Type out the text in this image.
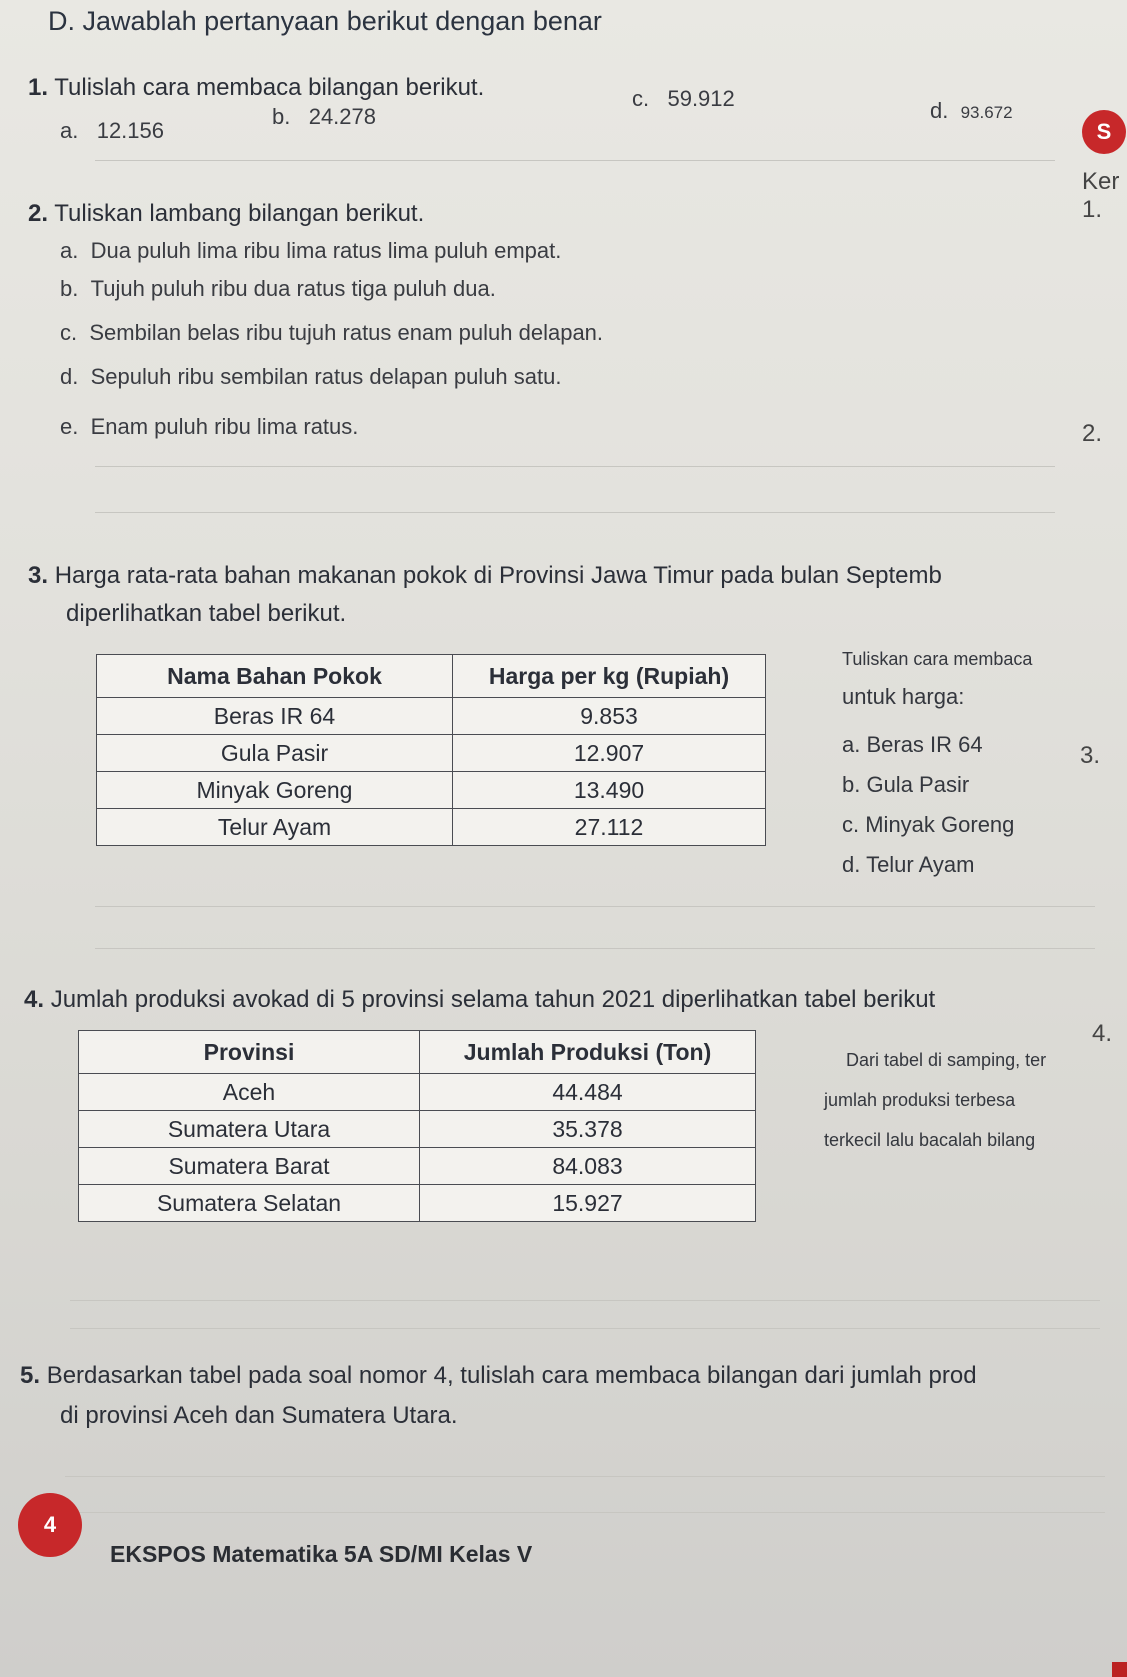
D. Jawablah pertanyaan berikut dengan benar
1. Tulislah cara membaca bilangan berikut.
a. 12.156
b. 24.278
c. 59.912	d. 93.672
S
Ker
2. Tuliskan lambang bilangan berikut.	1.
a. Dua puluh lima ribu lima ratus lima puluh empat.
b. Tujuh puluh ribu dua ratus tiga puluh dua.
c. Sembilan belas ribu tujuh ratus enam puluh delapan.
d. Sepuluh ribu sembilan ratus delapan puluh satu.
e. Enam puluh ribu lima ratus.	2.
3. Harga rata-rata bahan makanan pokok di Provinsi Jawa Timur pada bulan Septemb
diperlihatkan tabel berikut.
Nama Bahan Pokok	Harga per kg (Rupiah)
Beras IR 64	9.853
Gula Pasir	12.907
Minyak Goreng	13.490
Telur Ayam	27.112
Tuliskan cara membaca
untuk harga:
a. Beras IR 64
b. Gula Pasir
c. Minyak Goreng
d. Telur Ayam
3.
4. Jumlah produksi avokad di 5 provinsi selama tahun 2021 diperlihatkan tabel berikut
4.
Provinsi	Jumlah Produksi (Ton)
Aceh	44.484
Sumatera Utara	35.378
Sumatera Barat	84.083
Sumatera Selatan	15.927
Dari tabel di samping, ter
jumlah produksi terbesa
terkecil lalu bacalah bilang
5. Berdasarkan tabel pada soal nomor 4, tulislah cara membaca bilangan dari jumlah prod
di provinsi Aceh dan Sumatera Utara.
4
EKSPOS Matematika 5A SD/MI Kelas V
